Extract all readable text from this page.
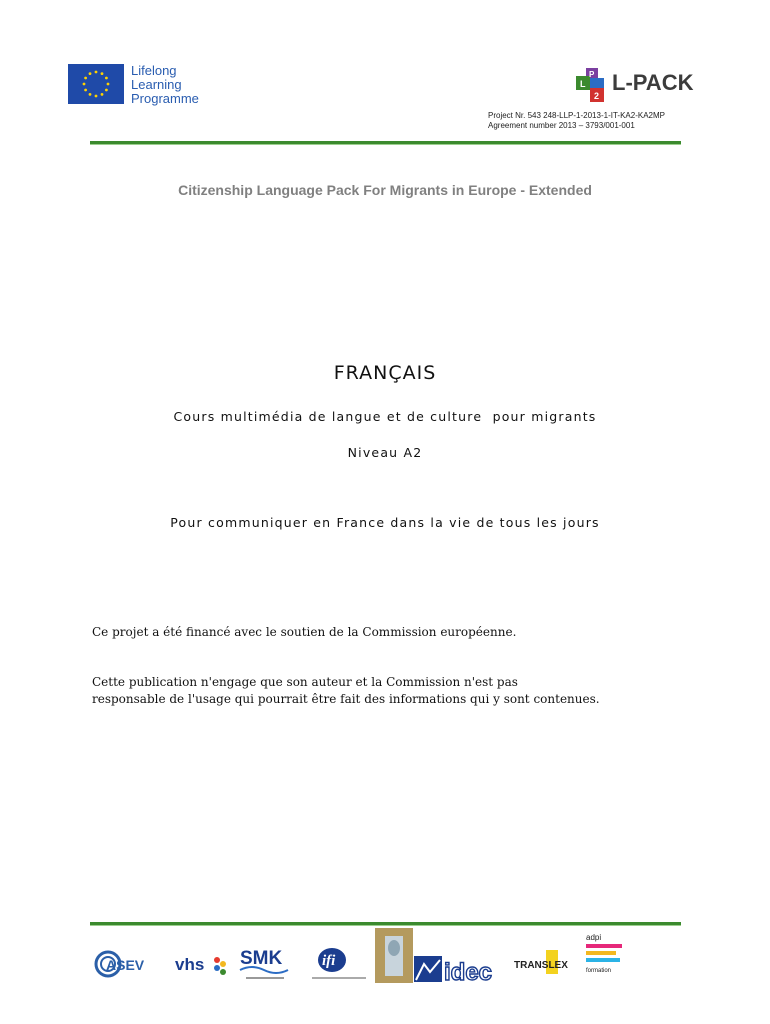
Lifelong
Learning
Programme
L
P
2
L-PACK
Project Nr. 543 248-LLP-1-2013-1-IT-KA2-KA2MP
Agreement number 2013 – 3793/001-001
Citizenship Language Pack For Migrants in Europe - Extended
FRANÇAIS
Cours multimédia de langue et de culture  pour migrants
Niveau A2
Pour communiquer en France dans la vie de tous les jours
Ce projet a été financé avec le soutien de la Commission européenne.
Cette publication n'engage que son auteur et la Commission n'est pas
responsable de l'usage qui pourrait être fait des informations qui y sont contenues.
ASEV vhs SMK	ifi	idec TRANSLEX
adpi
formation
